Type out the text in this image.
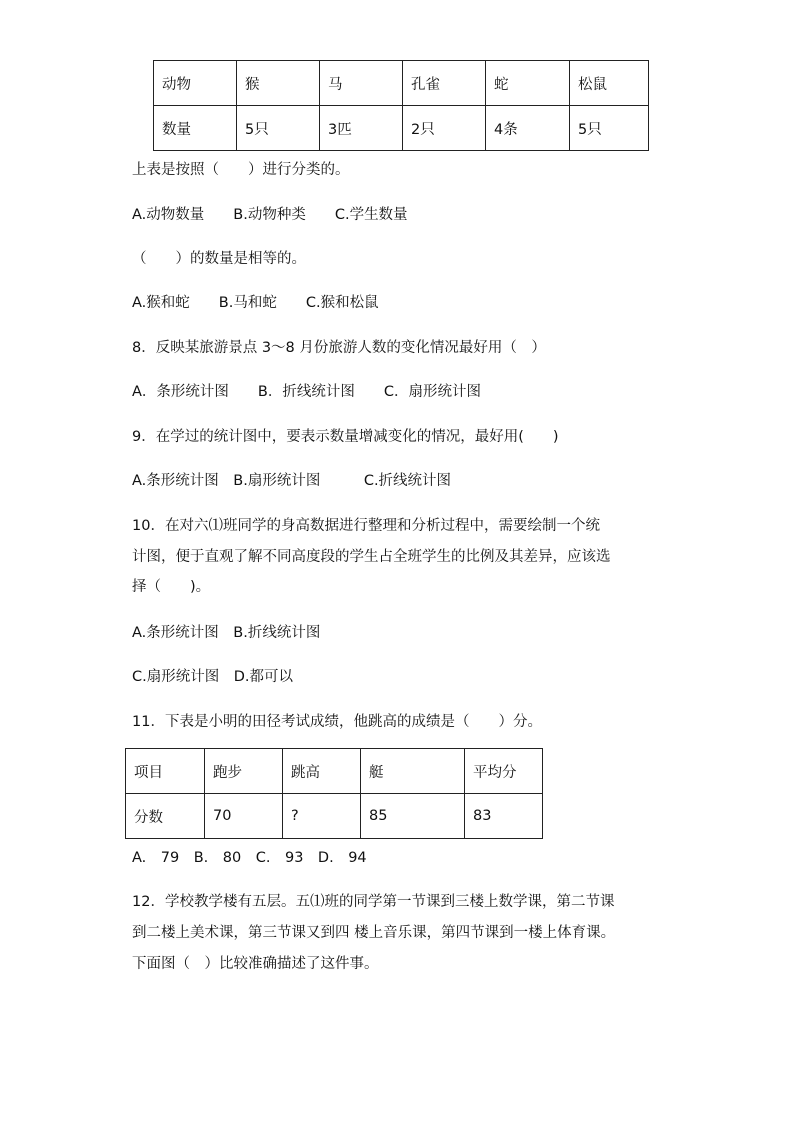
动物	猴	马	孔雀	蛇	松鼠
数量	5只	3匹	2只	4条	5只
上表是按照（　　）进行分类的。
A.动物数量　　B.动物种类　　C.学生数量
（　　）的数量是相等的。
A.猴和蛇　　B.马和蛇　　C.猴和松鼠
8．反映某旅游景点 3～8 月份旅游人数的变化情况最好用（　）
A．条形统计图　　B．折线统计图　　C．扇形统计图
9．在学过的统计图中，要表示数量增减变化的情况，最好用(　　)
A.条形统计图　B.扇形统计图　　　C.折线统计图
10．在对六⑴班同学的身高数据进行整理和分析过程中，需要绘制一个统
计图，便于直观了解不同高度段的学生占全班学生的比例及其差异，应该选
择（　　)。
A.条形统计图　B.折线统计图
C.扇形统计图　D.都可以
11．下表是小明的田径考试成绩，他跳高的成绩是（　　）分。
项目	跑步	跳高	艇	平均分
分数	70	?	85	83
A.　79　B.　80　C.　93　D.　94
12．学校教学楼有五层。五⑴班的同学第一节课到三楼上数学课，第二节课
到二楼上美术课，第三节课又到四 楼上音乐课，第四节课到一楼上体育课。
下面图（　）比较准确描述了这件事。
